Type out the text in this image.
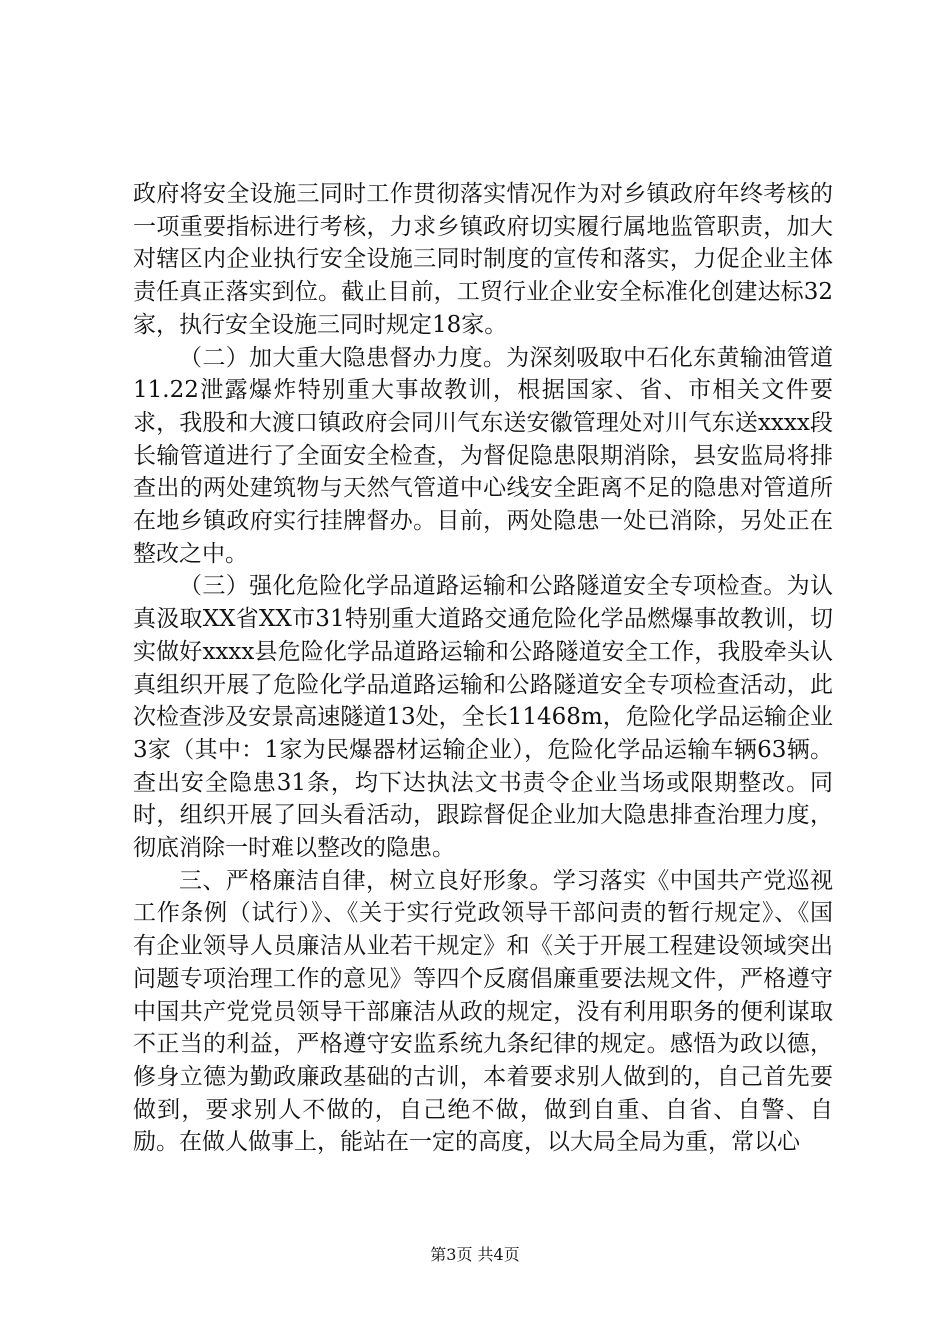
政府将安全设施三同时工作贯彻落实情况作为对乡镇政府年终考核的一项重要指标进行考核，力求乡镇政府切实履行属地监管职责，加大对辖区内企业执行安全设施三同时制度的宣传和落实，力促企业主体责任真正落实到位。截止目前，工贸行业企业安全标准化创建达标32家，执行安全设施三同时规定18家。

（二）加大重大隐患督办力度。为深刻吸取中石化东黄输油管道11.22泄露爆炸特别重大事故教训，根据国家、省、市相关文件要求，我股和大渡口镇政府会同川气东送安徽管理处对川气东送xxxx段长输管道进行了全面安全检查，为督促隐患限期消除，县安监局将排查出的两处建筑物与天然气管道中心线安全距离不足的隐患对管道所在地乡镇政府实行挂牌督办。目前，两处隐患一处已消除，另处正在整改之中。

（三）强化危险化学品道路运输和公路隧道安全专项检查。为认真汲取XX省XX市31特别重大道路交通危险化学品燃爆事故教训，切实做好xxxx县危险化学品道路运输和公路隧道安全工作，我股牵头认真组织开展了危险化学品道路运输和公路隧道安全专项检查活动，此次检查涉及安景高速隧道13处，全长11468m，危险化学品运输企业3家（其中：1家为民爆器材运输企业），危险化学品运输车辆63辆。查出安全隐患31条，均下达执法文书责令企业当场或限期整改。同时，组织开展了回头看活动，跟踪督促企业加大隐患排查治理力度，彻底消除一时难以整改的隐患。

三、严格廉洁自律，树立良好形象。学习落实《中国共产党巡视工作条例（试行）》、《关于实行党政领导干部问责的暂行规定》、《国有企业领导人员廉洁从业若干规定》和《关于开展工程建设领域突出问题专项治理工作的意见》等四个反腐倡廉重要法规文件，严格遵守中国共产党党员领导干部廉洁从政的规定，没有利用职务的便利谋取不正当的利益，严格遵守安监系统九条纪律的规定。感悟为政以德，修身立德为勤政廉政基础的古训，本着要求别人做到的，自己首先要做到，要求别人不做的，自己绝不做，做到自重、自省、自警、自励。在做人做事上，能站在一定的高度，以大局全局为重，常以心

第3页 共4页
